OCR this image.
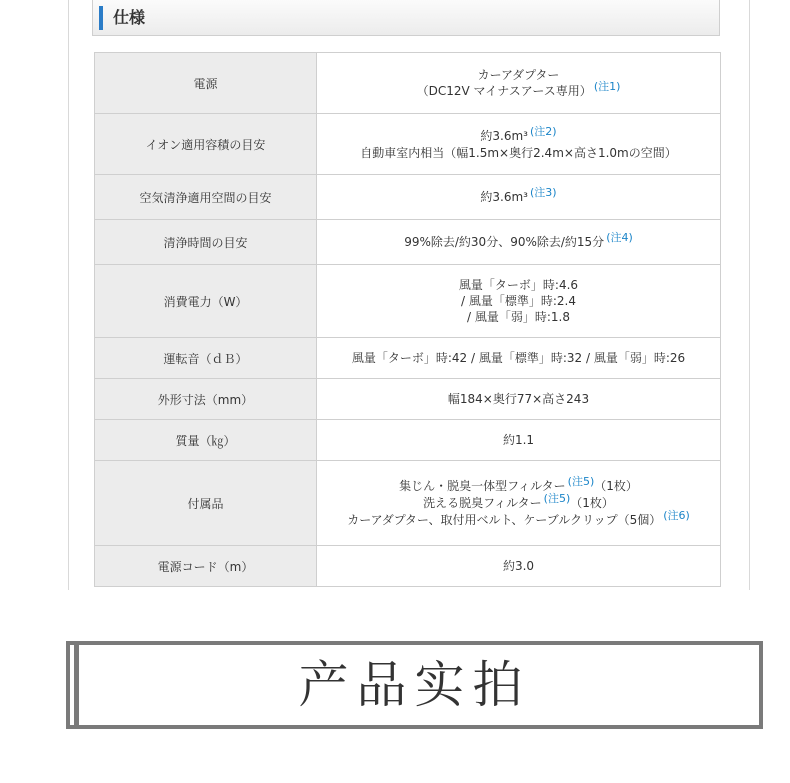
仕様
電源	カーアダプター
（DC12V マイナスアース専用） (注1)

イオン適用容積の目安	約3.6m³ (注2)
自動車室内相当（幅1.5m×奥行2.4m×高さ1.0mの空間）

空気清浄適用空間の目安	約3.6m³ (注3)

清浄時間の目安	99%除去/約30分、90%除去/約15分 (注4)

消費電力（W）	風量「ターボ」時:4.6
/ 風量「標準」時:2.4
/ 風量「弱」時:1.8

運転音（ｄＢ）	風量「ターボ」時:42 / 風量「標準」時:32 / 風量「弱」時:26

外形寸法（mm）	幅184×奥行77×高さ243

質量（㎏）	約1.1

付属品	集じん・脱臭一体型フィルター (注5)（1枚）
洗える脱臭フィルター (注5)（1枚）
カーアダプター、取付用ベルト、ケーブルクリップ（5個） (注6)

電源コード（m）	約3.0
产品实拍
